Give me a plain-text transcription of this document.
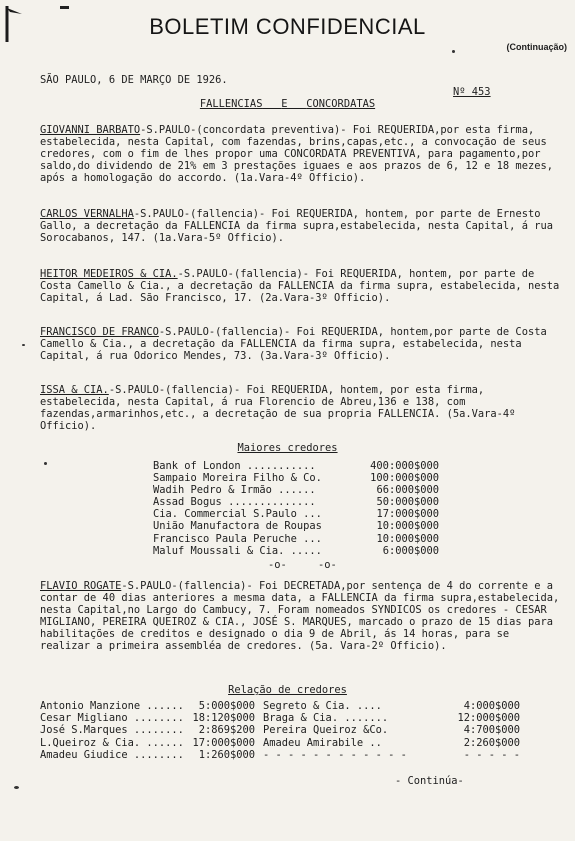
BOLETIM CONFIDENCIAL
(Continuação)
SÃO PAULO, 6 DE MARÇO DE 1926.

Nº 453

FALLENCIAS E CONCORDATAS
GIOVANNI BARBATO-S.PAULO-(concordata preventiva)- Foi REQUERIDA,por esta firma, estabelecida, nesta Capital, com fazendas, brins,capas,etc., a convocação de seus credores, com o fim de lhes propor uma CONCORDATA PREVENTIVA, para pagamento,por saldo,do dividendo de 21% em 3 prestações iguaes e aos prazos de 6, 12 e 18 mezes, após a homologação do accordo. (1a.Vara-4º Officio).
CARLOS VERNALHA-S.PAULO-(fallencia)- Foi REQUERIDA, hontem, por parte de Ernesto Gallo, a decretação da FALLENCIA da firma supra,estabelecida, nesta Capital, á rua Sorocabanos, 147. (1a.Vara-5º Officio).
HEITOR MEDEIROS & CIA.-S.PAULO-(fallencia)- Foi REQUERIDA, hontem, por parte de Costa Camello & Cia., a decretação da FALLENCIA da firma supra, estabelecida, nesta Capital, á Lad. São Francisco, 17. (2a.Vara-3º Officio).
FRANCISCO DE FRANCO-S.PAULO-(fallencia)- Foi REQUERIDA, hontem,por parte de Costa Camello & Cia., a decretação da FALLENCIA da firma supra, estabelecida, nesta Capital, á rua Odorico Mendes, 73. (3a.Vara-3º Officio).
ISSA & CIA.-S.PAULO-(fallencia)- Foi REQUERIDA, hontem, por esta firma, estabelecida, nesta Capital, á rua Florencio de Abreu,136 e 138, com fazendas,armarinhos,etc., a decretação de sua propria FALLENCIA. (5a.Vara-4º Officio).
Maiores credores
Bank of London ...........	400:000$000
Sampaio Moreira Filho & Co.	100:000$000
Wadih Pedro & Irmão ......	66:000$000
Assad Bogus ..............	50:000$000
Cia. Commercial S.Paulo ...	17:000$000
União Manufactora de Roupas	10:000$000
Francisco Paula Peruche ...	10:000$000
Maluf Moussali & Cia. .....	6:000$000
-o-     -o-
FLAVIO ROGATE-S.PAULO-(fallencia)- Foi DECRETADA,por sentença de 4 do corrente e a contar de 40 dias anteriores a mesma data, a FALLENCIA da firma supra,estabelecida, nesta Capital,no Largo do Cambucy, 7. Foram nomeados SYNDICOS os credores - CESAR MIGLIANO, PEREIRA QUEIROZ & CIA., JOSÉ S. MARQUES, marcado o prazo de 15 dias para habilitações de creditos e designado o dia 9 de Abril, ás 14 horas, para se realizar a primeira assembléa de credores. (5a. Vara-2º Officio).
Relação de credores
Antonio Manzione ......	5:000$000 Segreto & Cia. ....	4:000$000
Cesar Migliano ........ 18:120$000 Braga & Cia. .......	12:000$000
José S.Marques ........	2:869$200 Pereira Queiroz &Co.	4:700$000
L.Queiroz & Cia. ...... 17:000$000 Amadeu Amirabile ..	2:260$000
Amadeu Giudice ........	1:260$000 - - - - - - - - - - - -	- - - - -
- Continúa-
